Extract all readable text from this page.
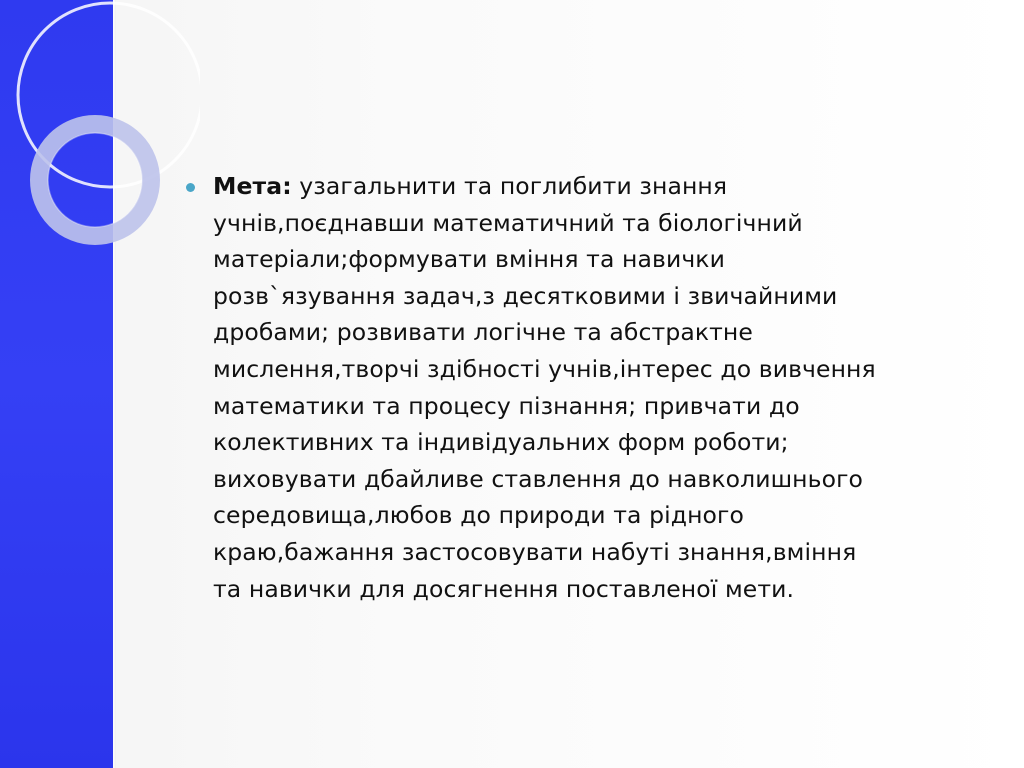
Мета: узагальнити та поглибити знання
учнів,поєднавши математичний та біологічний
матеріали;формувати вміння та навички
розв`язування задач,з десятковими і звичайними
дробами; розвивати логічне та абстрактне
мислення,творчі здібності учнів,інтерес до вивчення
математики та процесу пізнання; привчати до
колективних та індивідуальних форм роботи;
виховувати дбайливе ставлення до навколишнього
середовища,любов до природи та рідного
краю,бажання застосовувати набуті знання,вміння
та навички для досягнення поставленої мети.
